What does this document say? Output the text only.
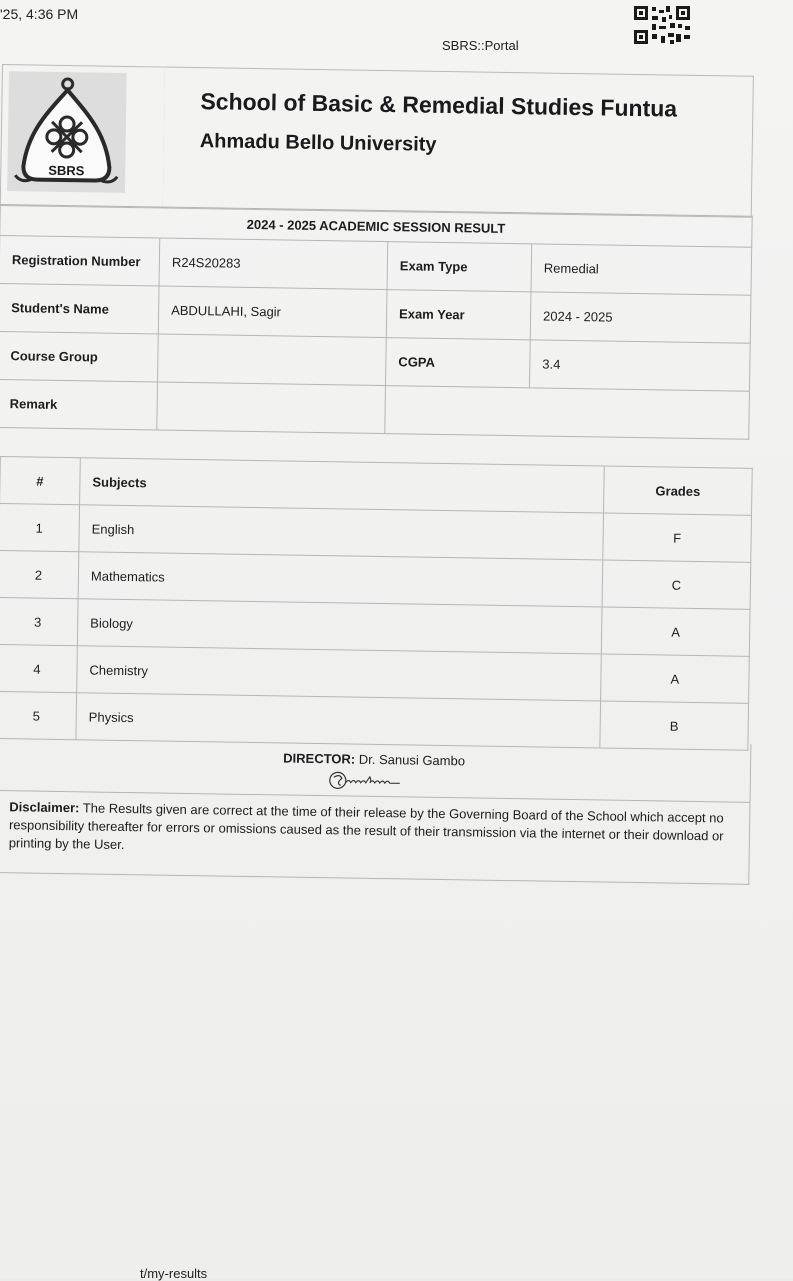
'25, 4:36 PM
SBRS::Portal
SBRS
School of Basic & Remedial Studies Funtua
Ahmadu Bello University
2024 - 2025 ACADEMIC SESSION RESULT			
Registration Number	R24S20283	Exam Type	Remedial
Student's Name	ABDULLAHI, Sagir	Exam Year	2024 - 2025
Course Group		CGPA	3.4
Remark			
#	Subjects	Grades
1	English	F
2	Mathematics	C
3	Biology	A
4	Chemistry	A
5	Physics	B
DIRECTOR: Dr. Sanusi Gambo
Disclaimer: The Results given are correct at the time of their release by the Governing Board of the School which accept no responsibility thereafter for errors or omissions caused as the result of their transmission via the internet or their download or printing by the User.
t/my-results
